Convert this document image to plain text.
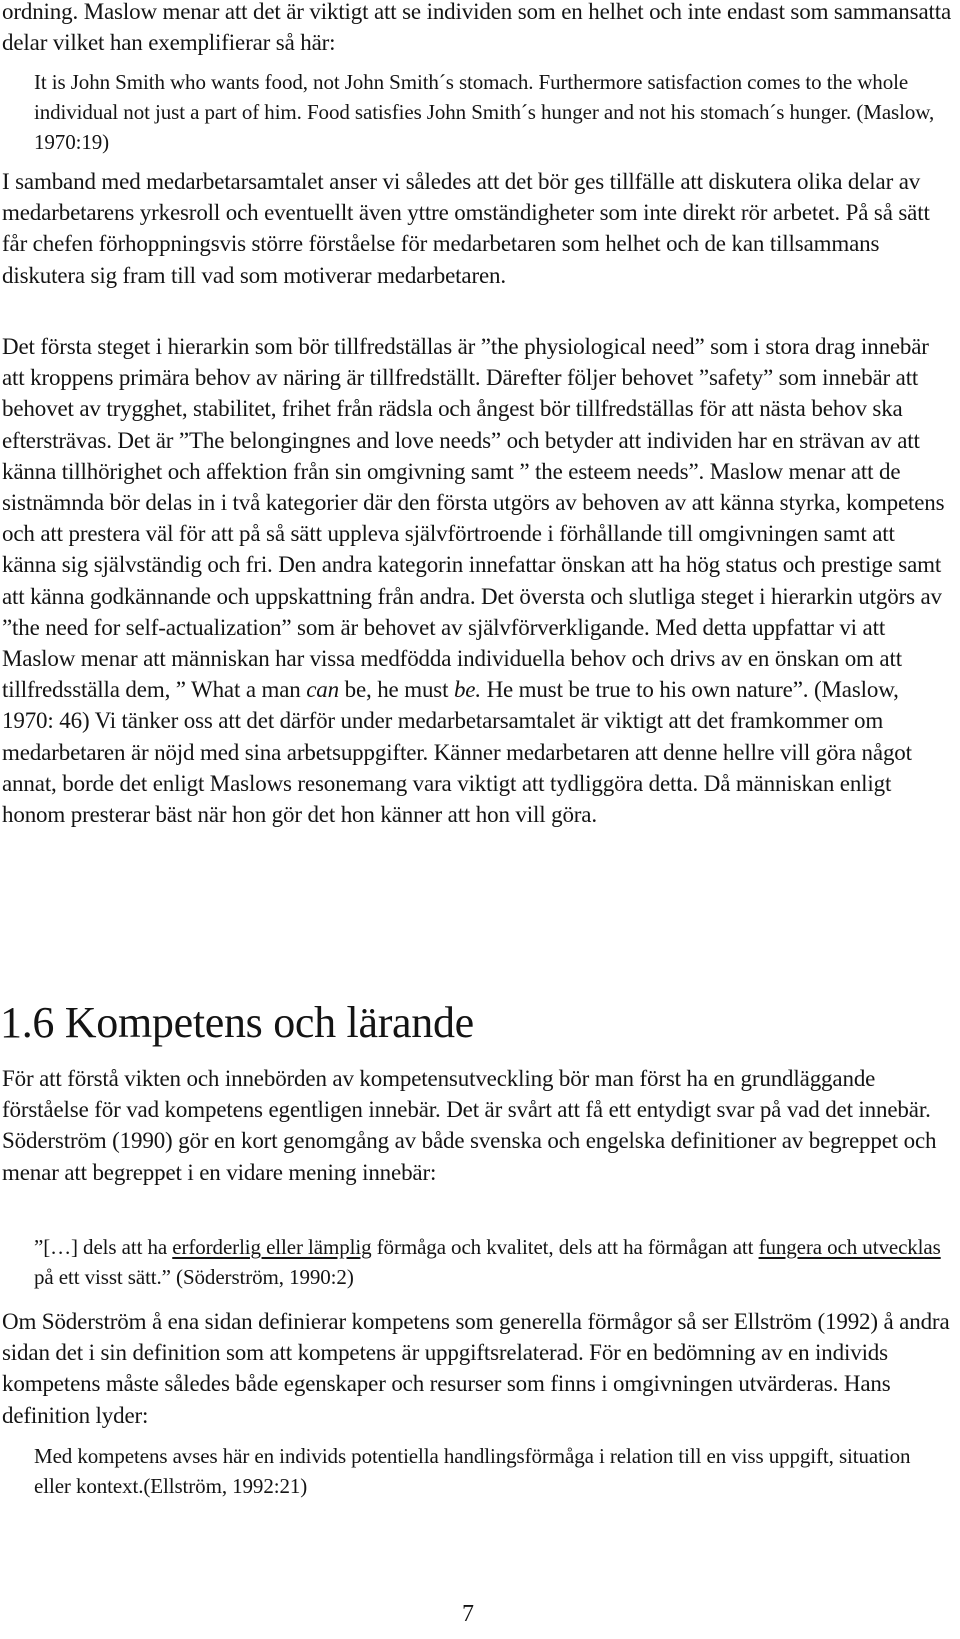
ordning. Maslow menar att det är viktigt att se individen som en helhet och inte endast som sammansatta delar vilket han exemplifierar så här:

It is John Smith who wants food, not John Smith´s stomach. Furthermore satisfaction comes to the whole individual not just a part of him. Food satisfies John Smith´s hunger and not his stomach´s hunger. (Maslow, 1970:19)

I samband med medarbetarsamtalet anser vi således att det bör ges tillfälle att diskutera olika delar av medarbetarens yrkesroll och eventuellt även yttre omständigheter som inte direkt rör arbetet. På så sätt får chefen förhoppningsvis större förståelse för medarbetaren som helhet och de kan tillsammans diskutera sig fram till vad som motiverar medarbetaren.

Det första steget i hierarkin som bör tillfredställas är ”the physiological need” som i stora drag innebär att kroppens primära behov av näring är tillfredställt. Därefter följer behovet ”safety” som innebär att behovet av trygghet, stabilitet, frihet från rädsla och ångest bör tillfredställas för att nästa behov ska eftersträvas. Det är ”The belongingnes and love needs” och betyder att individen har en strävan av att känna tillhörighet och affektion från sin omgivning samt ” the esteem needs”. Maslow menar att de sistnämnda bör delas in i två kategorier där den första utgörs av behoven av att känna styrka, kompetens och att prestera väl för att på så sätt uppleva självförtroende i förhållande till omgivningen samt att känna sig självständig och fri. Den andra kategorin innefattar önskan att ha hög status och prestige samt att känna godkännande och uppskattning från andra. Det översta och slutliga steget i hierarkin utgörs av ”the need for self-actualization” som är behovet av självförverkligande. Med detta uppfattar vi att Maslow menar att människan har vissa medfödda individuella behov och drivs av en önskan om att tillfredsställa dem, ” What a man can be, he must be. He must be true to his own nature”. (Maslow, 1970: 46) Vi tänker oss att det därför under medarbetarsamtalet är viktigt att det framkommer om medarbetaren är nöjd med sina arbetsuppgifter. Känner medarbetaren att denne hellre vill göra något annat, borde det enligt Maslows resonemang vara viktigt att tydliggöra detta. Då människan enligt honom presterar bäst när hon gör det hon känner att hon vill göra.

1.6 Kompetens och lärande

För att förstå vikten och innebörden av kompetensutveckling bör man först ha en grundläggande förståelse för vad kompetens egentligen innebär. Det är svårt att få ett entydigt svar på vad det innebär. Söderström (1990) gör en kort genomgång av både svenska och engelska definitioner av begreppet och menar att begreppet i en vidare mening innebär:

”[…] dels att ha erforderlig eller lämplig förmåga och kvalitet, dels att ha förmågan att fungera och utvecklas på ett visst sätt.” (Söderström, 1990:2)

Om Söderström å ena sidan definierar kompetens som generella förmågor så ser Ellström (1992) å andra sidan det i sin definition som att kompetens är uppgiftsrelaterad. För en bedömning av en individs kompetens måste således både egenskaper och resurser som finns i omgivningen utvärderas. Hans definition lyder:

Med kompetens avses här en individs potentiella handlingsförmåga i relation till en viss uppgift, situation eller kontext.(Ellström, 1992:21)

7
